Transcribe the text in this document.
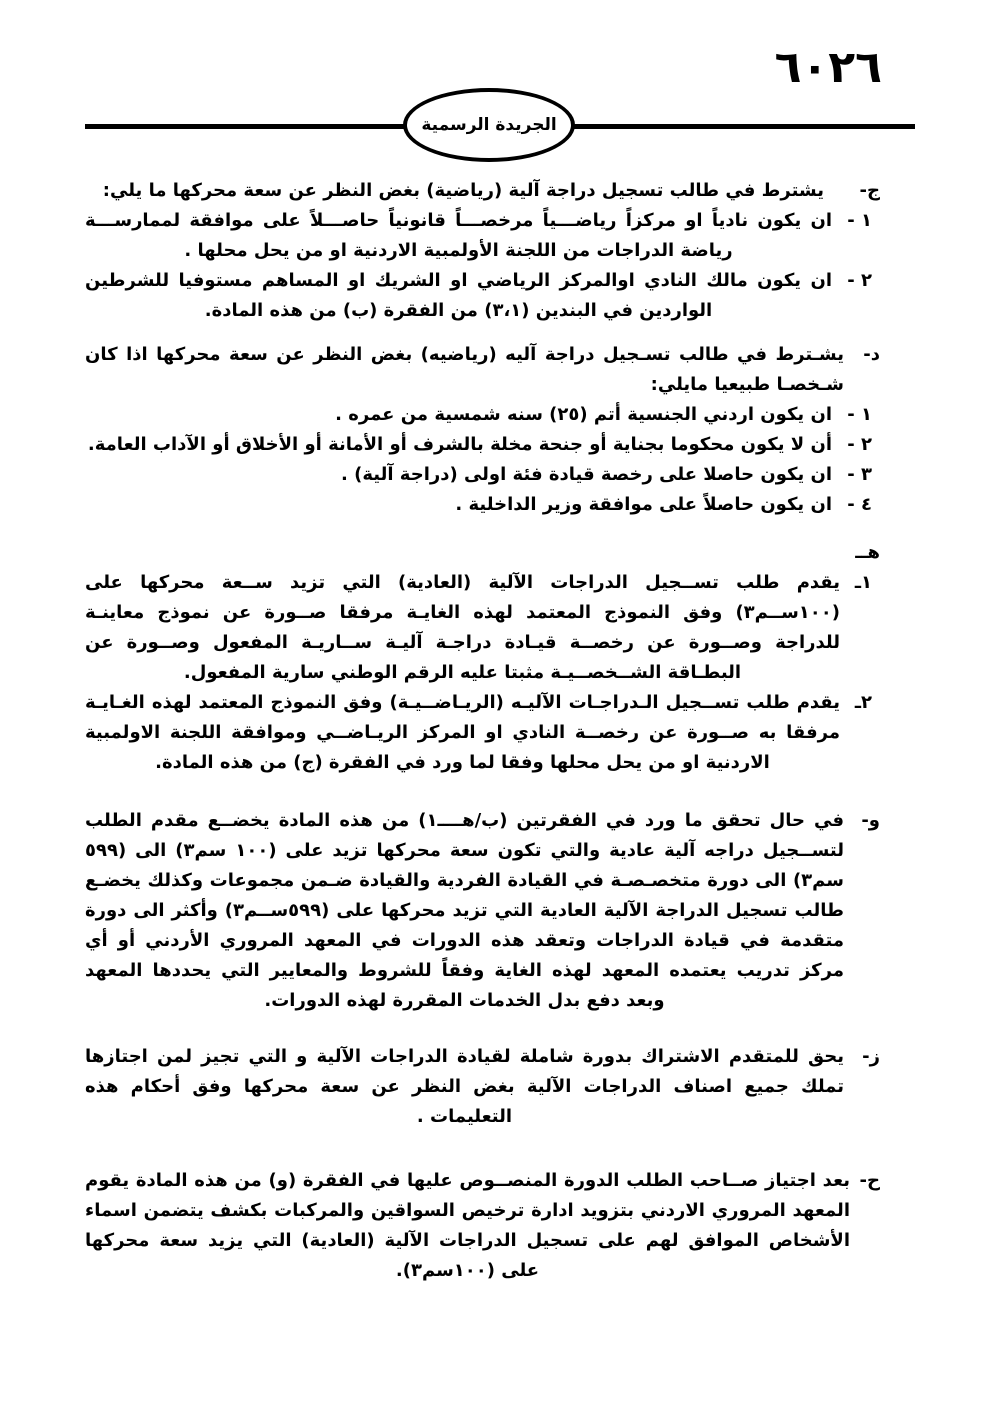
٦٠٢٦
الجريدة الرسمية
ج-
يشترط في طالب تسجيل دراجة آلية (رياضية) بغض النظر عن سعة محركها ما يلي:
١ -
ان يكون نادياً او مركزاً رياضـــياً مرخصـــاً قانونياً حاصـــلاً على موافقة لممارســـة رياضة الدراجات من اللجنة الأولمبية الاردنية او من يحل محلها .
٢ -
ان يكون مالك النادي اوالمركز الرياضي او الشريك او المساهم مستوفيا للشرطين الواردين في البندين (٣،١) من الفقرة (ب) من هذه المادة.
د-
يشـترط في طالب تسـجيل دراجة آليه (رياضيه) بغض النظر عن سعة محركها اذا كان شـخصـا طبيعيا مايلي:
١ -
ان يكون اردني الجنسية أتم (٢٥) سنه شمسية من عمره .
٢ -
أن لا يكون محكوما بجناية أو جنحة مخلة بالشرف أو الأمانة أو الأخلاق أو الآداب العامة.
٣ -
ان يكون حاصلا على رخصة قيادة فئة اولى (دراجة آلية) .
٤ -
ان يكون حاصلاً على موافقة وزير الداخلية .
هــ
١ـ
يقدم طلب تســجيل الدراجات الآلية (العادية) التي تزيد ســعة محركها على (١٠٠ســم٣) وفق النموذج المعتمد لهذه الغايـة مرفقا صــورة عن نموذج معاينـة للدراجة وصــورة عن رخصــة قيـادة دراجـة آليـة ســاريـة المفعول وصــورة عن البطـاقة الشــخصــيـة مثبتا عليه الرقم الوطني سارية المفعول.
٢ـ
يقدم طلب تســجيل الـدراجـات الآليـه (الريـاضــيـة) وفق النموذج المعتمد لهذه الغـايـة مرفقا به صــورة عن رخصــة النادي او المركز الريـاضــي وموافقة اللجنة الاولمبية الاردنية او من يحل محلها وفقا لما ورد في الفقرة (ج) من هذه المادة.
و-
في حال تحقق ما ورد في الفقرتين (ب/هــــ١) من هذه المادة يخضــع مقدم الطلب لتســجيل دراجه آلية عادية والتي تكون سعة محركها تزيد على (١٠٠ سم٣) الى (٥٩٩ سم٣) الى دورة متخصـصـة في القيادة الفردية والقيادة ضـمن مجموعات وكذلك يخضـع طالب تسجيل الدراجة الآلية العادية التي تزيد محركها على (٥٩٩ســم٣) وأكثر الى دورة متقدمة في قيادة الدراجات وتعقد هذه الدورات في المعهد المروري الأردني أو أي مركز تدريب يعتمده المعهد لهذه الغاية وفقاً للشروط والمعايير التي يحددها المعهد وبعد دفع بدل الخدمات المقررة لهذه الدورات.
ز-
يحق للمتقدم الاشتراك بدورة شاملة لقيادة الدراجات الآلية و التي تجيز لمن اجتازها تملك جميع اصناف الدراجات الآلية بغض النظر عن سعة محركها وفق أحكام هذه التعليمات .
ح-
بعد اجتياز صــاحب الطلب الدورة المنصــوص عليها في الفقرة (و) من هذه المادة يقوم المعهد المروري الاردني بتزويد ادارة ترخيص السواقين والمركبات بكشف يتضمن اسماء الأشخاص الموافق لهم على تسجيل الدراجات الآلية (العادية) التي يزيد سعة محركها على (١٠٠سم٣).
